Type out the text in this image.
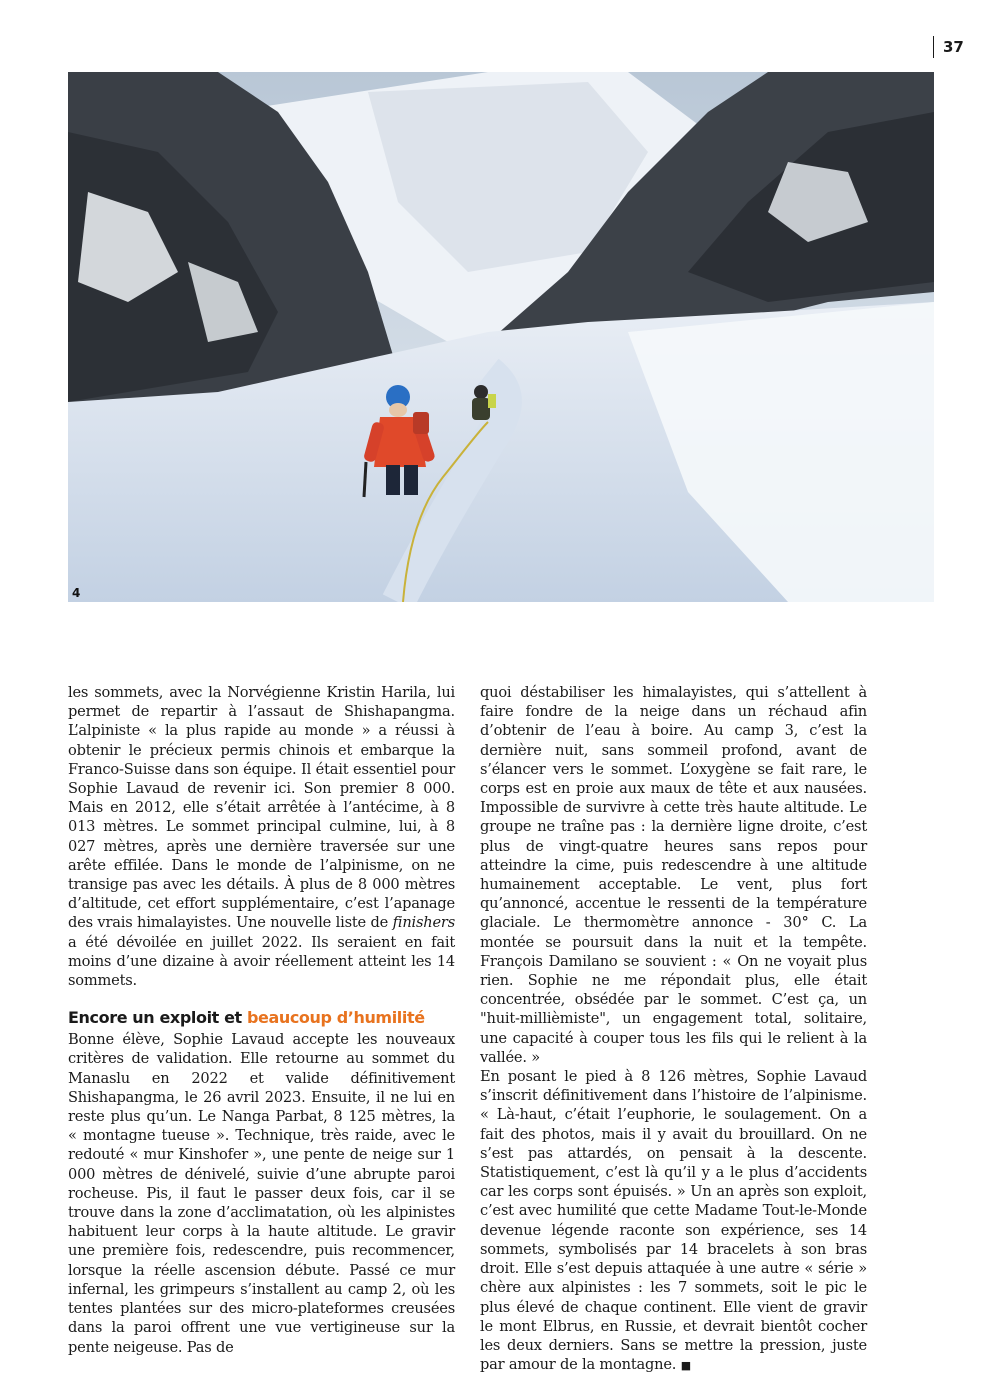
37
4

les sommets, avec la Norvégienne Kristin Harila, lui permet de repartir à l’assaut de Shishapangma. L’alpiniste « la plus rapide au monde » a réussi à obtenir le précieux permis chinois et embarque la Franco-Suisse dans son équipe. Il était essentiel pour Sophie Lavaud de revenir ici. Son premier 8 000. Mais en 2012, elle s’était arrêtée à l’antécime, à 8 013 mètres. Le sommet principal culmine, lui, à 8 027 mètres, après une dernière traversée sur une arête effilée. Dans le monde de l’alpinisme, on ne transige pas avec les détails. À plus de 8 000 mètres d’altitude, cet effort supplémentaire, c’est l’apanage des vrais himalayistes. Une nouvelle liste de finishers a été dévoilée en juillet 2022. Ils seraient en fait moins d’une dizaine à avoir réellement atteint les 14 sommets.

Encore un exploit et beaucoup d’humilité

Bonne élève, Sophie Lavaud accepte les nouveaux critères de validation. Elle retourne au sommet du Manaslu en 2022 et valide définitivement Shishapangma, le 26 avril 2023. Ensuite, il ne lui en reste plus qu’un. Le Nanga Parbat, 8 125 mètres, la « montagne tueuse ». Technique, très raide, avec le redouté « mur Kinshofer », une pente de neige sur 1 000 mètres de dénivelé, suivie d’une abrupte paroi rocheuse. Pis, il faut le passer deux fois, car il se trouve dans la zone d’acclimatation, où les alpinistes habituent leur corps à la haute altitude. Le gravir une première fois, redescendre, puis recommencer, lorsque la réelle ascension débute. Passé ce mur infernal, les grimpeurs s’installent au camp 2, où les tentes plantées sur des micro-plateformes creusées dans la paroi offrent une vue vertigineuse sur la pente neigeuse. Pas de

quoi déstabiliser les himalayistes, qui s’attellent à faire fondre de la neige dans un réchaud afin d’obtenir de l’eau à boire. Au camp 3, c’est la dernière nuit, sans sommeil profond, avant de s’élancer vers le sommet. L’oxygène se fait rare, le corps est en proie aux maux de tête et aux nausées. Impossible de survivre à cette très haute altitude. Le groupe ne traîne pas : la dernière ligne droite, c’est plus de vingt-quatre heures sans repos pour atteindre la cime, puis redescendre à une altitude humainement acceptable. Le vent, plus fort qu’annoncé, accentue le ressenti de la température glaciale. Le thermomètre annonce - 30° C. La montée se poursuit dans la nuit et la tempête. François Damilano se souvient : « On ne voyait plus rien. Sophie ne me répondait plus, elle était concentrée, obsédée par le sommet. C’est ça, un "huit-millièmiste", un engagement total, solitaire, une capacité à couper tous les fils qui le relient à la vallée. »

En posant le pied à 8 126 mètres, Sophie Lavaud s’inscrit définitivement dans l’histoire de l’alpinisme. « Là-haut, c’était l’euphorie, le soulagement. On a fait des photos, mais il y avait du brouillard. On ne s’est pas attardés, on pensait à la descente. Statistiquement, c’est là qu’il y a le plus d’accidents car les corps sont épuisés. » Un an après son exploit, c’est avec humilité que cette Madame Tout-le-Monde devenue légende raconte son expérience, ses 14 sommets, symbolisés par 14 bracelets à son bras droit. Elle s’est depuis attaquée à une autre « série » chère aux alpinistes : les 7 sommets, soit le pic le plus élevé de chaque continent. Elle vient de gravir le mont Elbrus, en Russie, et devrait bientôt cocher les deux derniers. Sans se mettre la pression, juste par amour de la montagne. ■
